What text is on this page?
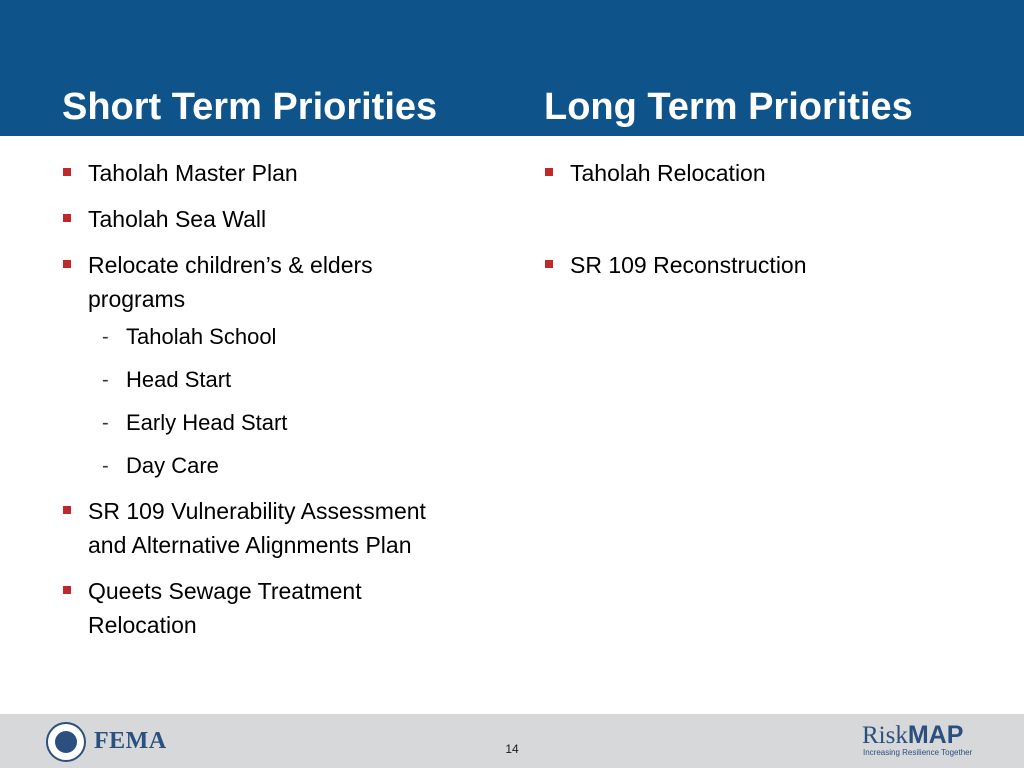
Short Term Priorities	Long Term Priorities
Taholah Master Plan
Taholah Sea Wall
Relocate children’s & elders programs
- Taholah School
- Head Start
- Early Head Start
- Day Care
SR 109 Vulnerability Assessment and Alternative Alignments Plan
Queets Sewage Treatment Relocation
Taholah Relocation
SR 109 Reconstruction
FEMA	14	RiskMAP
Increasing Resilience Together
